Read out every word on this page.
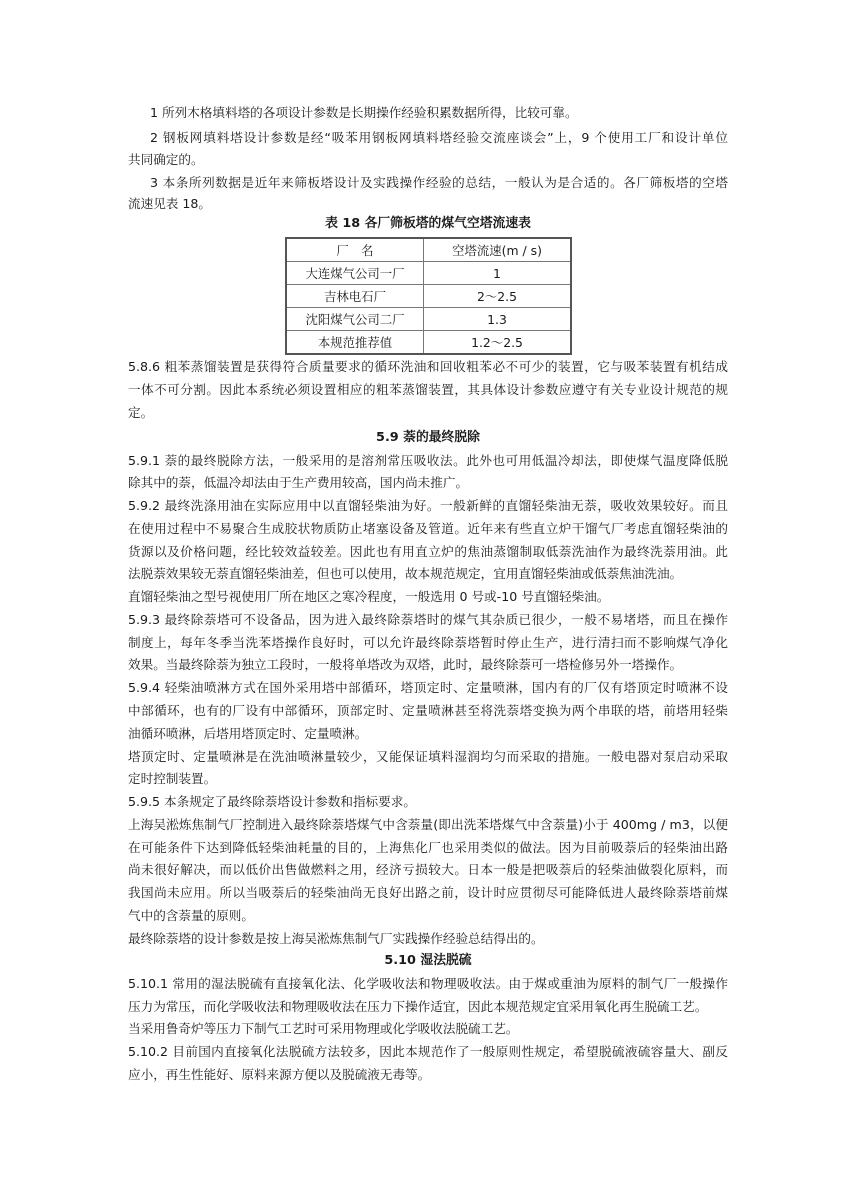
1 所列木格填料塔的各项设计参数是长期操作经验积累数据所得，比较可靠。
2 钢板网填料塔设计参数是经“吸苯用钢板网填料塔经验交流座谈会”上，9 个使用工厂和设计单位
共同确定的。
3 本条所列数据是近年来筛板塔设计及实践操作经验的总结，一般认为是合适的。各厂筛板塔的空塔
流速见表 18。
表 18 各厂筛板塔的煤气空塔流速表
厂　名	空塔流速(m / s)
大连煤气公司一厂	1
吉林电石厂	2～2.5
沈阳煤气公司二厂	1.3
本规范推荐值	1.2～2.5
5.8.6 粗苯蒸馏装置是获得符合质量要求的循环洗油和回收粗苯必不可少的装置，它与吸苯装置有机结成
一体不可分割。因此本系统必须设置相应的粗苯蒸馏装置，其具体设计参数应遵守有关专业设计规范的规
定。
5.9 萘的最终脱除
5.9.1 萘的最终脱除方法，一般采用的是溶剂常压吸收法。此外也可用低温冷却法，即使煤气温度降低脱
除其中的萘，低温冷却法由于生产费用较高，国内尚未推广。
5.9.2 最终洗涤用油在实际应用中以直馏轻柴油为好。一般新鲜的直馏轻柴油无萘，吸收效果较好。而且
在使用过程中不易聚合生成胶状物质防止堵塞设备及管道。近年来有些直立炉干馏气厂考虑直馏轻柴油的
货源以及价格问题，经比较效益较差。因此也有用直立炉的焦油蒸馏制取低萘洗油作为最终洗萘用油。此
法脱萘效果较无萘直馏轻柴油差，但也可以使用，故本规范规定，宜用直馏轻柴油或低萘焦油洗油。
直馏轻柴油之型号视使用厂所在地区之寒冷程度，一般选用 0 号或-10 号直馏轻柴油。
5.9.3 最终除萘塔可不设备品，因为进入最终除萘塔时的煤气其杂质已很少，一般不易堵塔，而且在操作
制度上，每年冬季当洗苯塔操作良好时，可以允许最终除萘塔暂时停止生产，进行清扫而不影响煤气净化
效果。当最终除萘为独立工段时，一般将单塔改为双塔，此时，最终除萘可一塔检修另外一塔操作。
5.9.4 轻柴油喷淋方式在国外采用塔中部循环，塔顶定时、定量喷淋，国内有的厂仅有塔顶定时喷淋不设
中部循环，也有的厂设有中部循环，顶部定时、定量喷淋甚至将洗萘塔变换为两个串联的塔，前塔用轻柴
油循环喷淋，后塔用塔顶定时、定量喷淋。
塔顶定时、定量喷淋是在洗油喷淋量较少，又能保证填料湿润均匀而采取的措施。一般电器对泵启动采取
定时控制装置。
5.9.5 本条规定了最终除萘塔设计参数和指标要求。
上海吴淞炼焦制气厂控制进入最终除萘塔煤气中含萘量(即出洗苯塔煤气中含萘量)小于 400mg / m3，以便
在可能条件下达到降低轻柴油耗量的目的，上海焦化厂也采用类似的做法。因为目前吸萘后的轻柴油出路
尚未很好解决，而以低价出售做燃料之用，经济亏损较大。日本一般是把吸萘后的轻柴油做裂化原料，而
我国尚未应用。所以当吸萘后的轻柴油尚无良好出路之前，设计时应贯彻尽可能降低进人最终除萘塔前煤
气中的含萘量的原则。
最终除萘塔的设计参数是按上海吴淞炼焦制气厂实践操作经验总结得出的。
5.10 湿法脱硫
5.10.1 常用的湿法脱硫有直接氧化法、化学吸收法和物理吸收法。由于煤或重油为原料的制气厂一般操作
压力为常压，而化学吸收法和物理吸收法在压力下操作适宜，因此本规范规定宜采用氧化再生脱硫工艺。
当采用鲁奇炉等压力下制气工艺时可采用物理或化学吸收法脱硫工艺。
5.10.2 目前国内直接氧化法脱硫方法较多，因此本规范作了一般原则性规定，希望脱硫液硫容量大、副反
应小，再生性能好、原料来源方便以及脱硫液无毒等。
